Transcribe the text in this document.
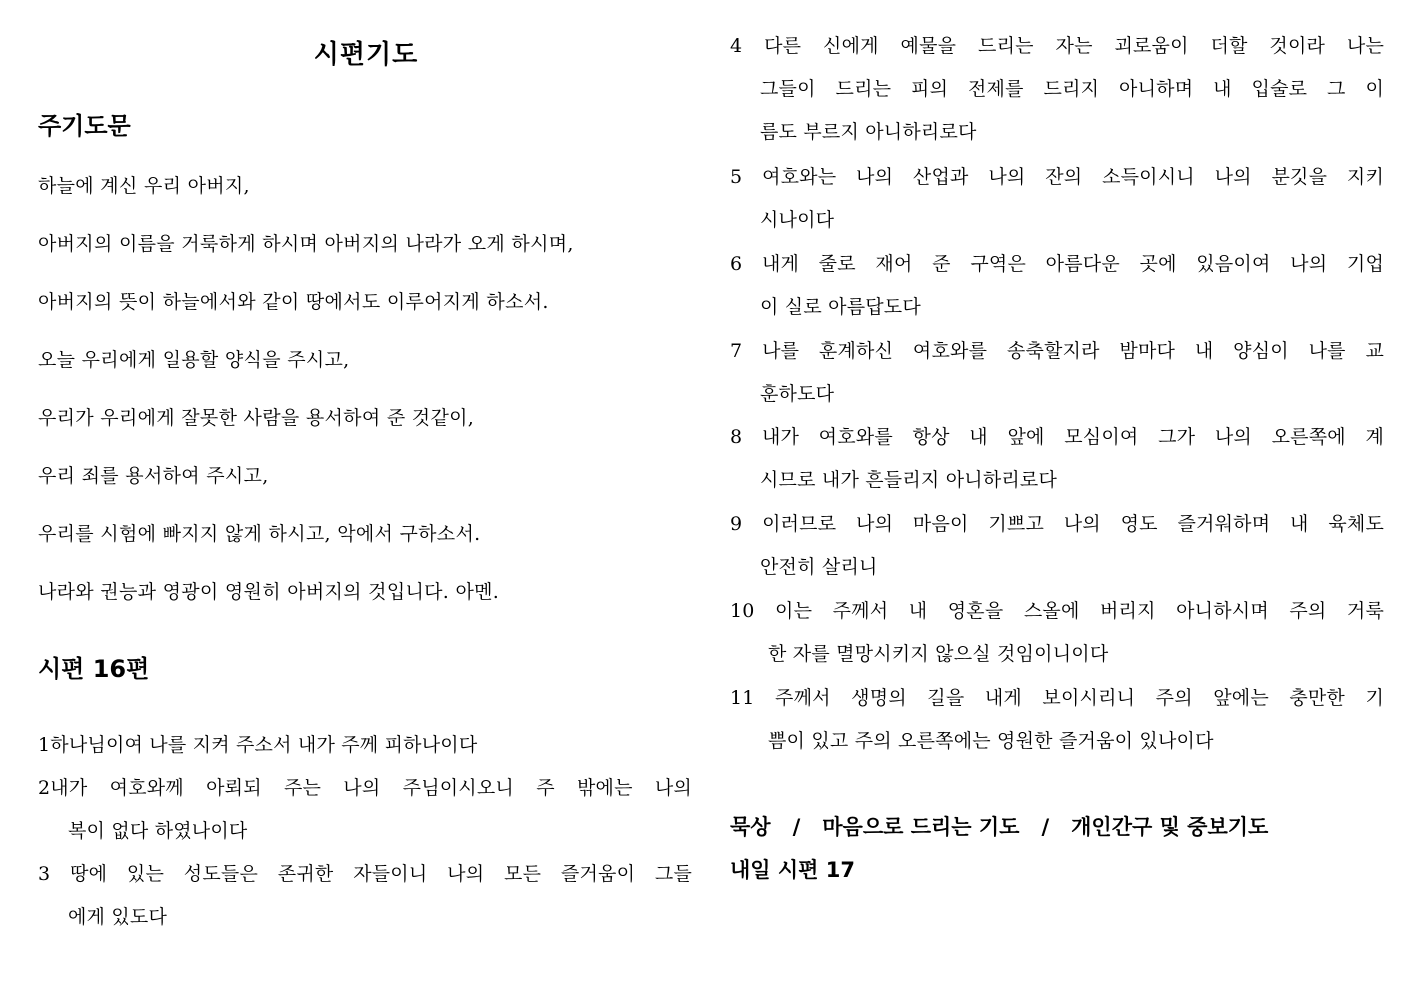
시편기도
주기도문
하늘에 계신 우리 아버지,
아버지의 이름을 거룩하게 하시며 아버지의 나라가 오게 하시며,
아버지의 뜻이 하늘에서와 같이 땅에서도 이루어지게 하소서.
오늘 우리에게 일용할 양식을 주시고,
우리가 우리에게 잘못한 사람을 용서하여 준 것같이,
우리 죄를 용서하여 주시고,
우리를 시험에 빠지지 않게 하시고, 악에서 구하소서.
나라와 권능과 영광이 영원히 아버지의 것입니다. 아멘.
시편 16편
1하나님이여 나를 지켜 주소서 내가 주께 피하나이다
2내가 여호와께 아뢰되 주는 나의 주님이시오니 주 밖에는 나의
복이 없다 하였나이다
3 땅에 있는 성도들은 존귀한 자들이니 나의 모든 즐거움이 그들
에게 있도다
4 다른 신에게 예물을 드리는 자는 괴로움이 더할 것이라 나는
그들이 드리는 피의 전제를 드리지 아니하며 내 입술로 그 이
름도 부르지 아니하리로다
5 여호와는 나의 산업과 나의 잔의 소득이시니 나의 분깃을 지키
시나이다
6 내게 줄로 재어 준 구역은 아름다운 곳에 있음이여 나의 기업
이 실로 아름답도다
7 나를 훈계하신 여호와를 송축할지라 밤마다 내 양심이 나를 교
훈하도다
8 내가 여호와를 항상 내 앞에 모심이여 그가 나의 오른쪽에 계
시므로 내가 흔들리지 아니하리로다
9 이러므로 나의 마음이 기쁘고 나의 영도 즐거워하며 내 육체도
안전히 살리니
10 이는 주께서 내 영혼을 스올에 버리지 아니하시며 주의 거룩
한 자를 멸망시키지 않으실 것임이니이다
11 주께서 생명의 길을 내게 보이시리니 주의 앞에는 충만한 기
쁨이 있고 주의 오른쪽에는 영원한 즐거움이 있나이다
묵상 / 마음으로 드리는 기도 / 개인간구 및 중보기도
내일 시편 17
